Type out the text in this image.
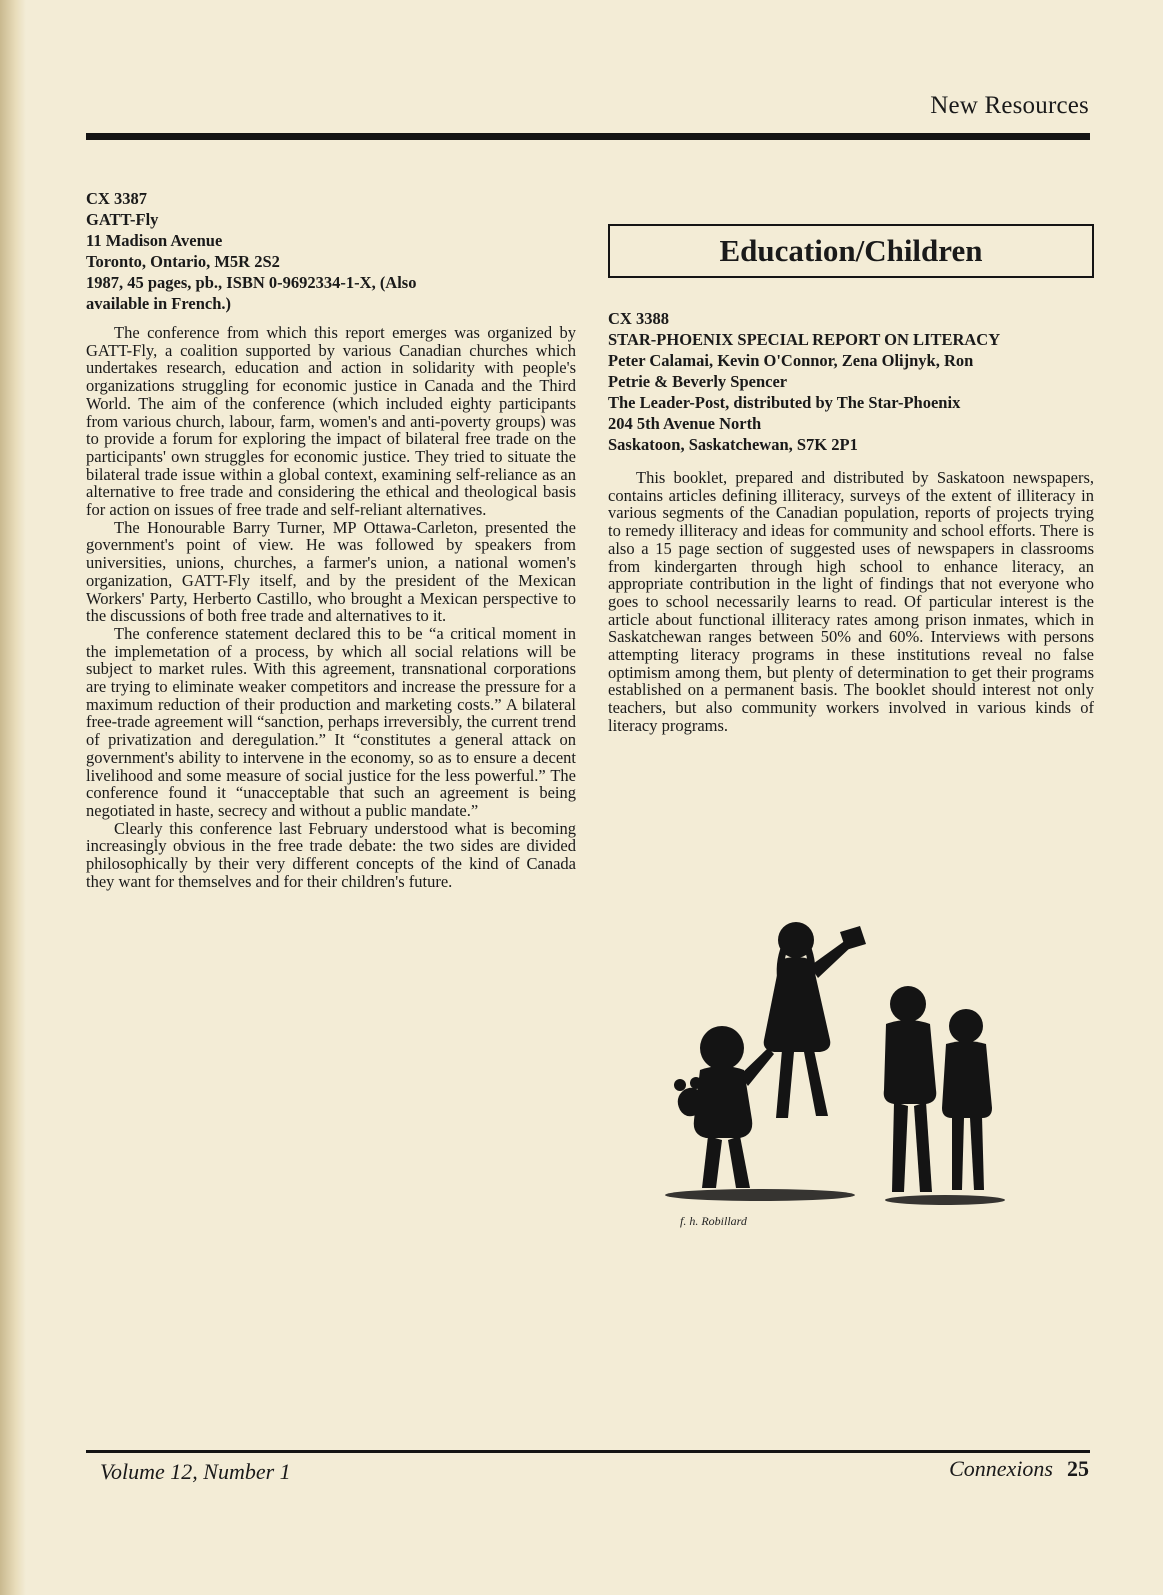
New Resources
CX 3387
GATT-Fly
11 Madison Avenue
Toronto, Ontario, M5R 2S2
1987, 45 pages, pb., ISBN 0-9692334-1-X, (Also
available in French.)

The conference from which this report emerges was organized by GATT-Fly, a coalition supported by various Canadian churches which undertakes research, education and action in solidarity with people's organizations struggling for economic justice in Canada and the Third World. The aim of the conference (which included eighty participants from various church, labour, farm, women's and anti-poverty groups) was to provide a forum for exploring the impact of bilateral free trade on the participants' own struggles for economic justice. They tried to situate the bilateral trade issue within a global context, examining self-reliance as an alternative to free trade and considering the ethical and theological basis for action on issues of free trade and self-reliant alternatives.

The Honourable Barry Turner, MP Ottawa-Carleton, presented the government's point of view. He was followed by speakers from universities, unions, churches, a farmer's union, a national women's organization, GATT-Fly itself, and by the president of the Mexican Workers' Party, Herberto Castillo, who brought a Mexican perspective to the discussions of both free trade and alternatives to it.

The conference statement declared this to be “a critical moment in the implemetation of a process, by which all social relations will be subject to market rules. With this agreement, transnational corporations are trying to eliminate weaker competitors and increase the pressure for a maximum reduction of their production and marketing costs.” A bilateral free-trade agreement will “sanction, perhaps irreversibly, the current trend of privatization and deregulation.” It “constitutes a general attack on government's ability to intervene in the economy, so as to ensure a decent livelihood and some measure of social justice for the less powerful.” The conference found it “unacceptable that such an agreement is being negotiated in haste, secrecy and without a public mandate.”

Clearly this conference last February understood what is becoming increasingly obvious in the free trade debate: the two sides are divided philosophically by their very different concepts of the kind of Canada they want for themselves and for their children's future.

Education/Children
CX 3388
STAR-PHOENIX SPECIAL REPORT ON LITERACY
Peter Calamai, Kevin O'Connor, Zena Olijnyk, Ron
Petrie & Beverly Spencer
The Leader-Post, distributed by The Star-Phoenix
204 5th Avenue North
Saskatoon, Saskatchewan, S7K 2P1

This booklet, prepared and distributed by Saskatoon newspapers, contains articles defining illiteracy, surveys of the extent of illiteracy in various segments of the Canadian population, reports of projects trying to remedy illiteracy and ideas for community and school efforts. There is also a 15 page section of suggested uses of newspapers in classrooms from kindergarten through high school to enhance literacy, an appropriate contribution in the light of findings that not everyone who goes to school necessarily learns to read. Of particular interest is the article about functional illiteracy rates among prison inmates, which in Saskatchewan ranges between 50% and 60%. Interviews with persons attempting literacy programs in these institutions reveal no false optimism among them, but plenty of determination to get their programs established on a permanent basis. The booklet should interest not only teachers, but also community workers involved in various kinds of literacy programs.

f. h. Robillard
Volume 12, Number 1	Connexions 25
